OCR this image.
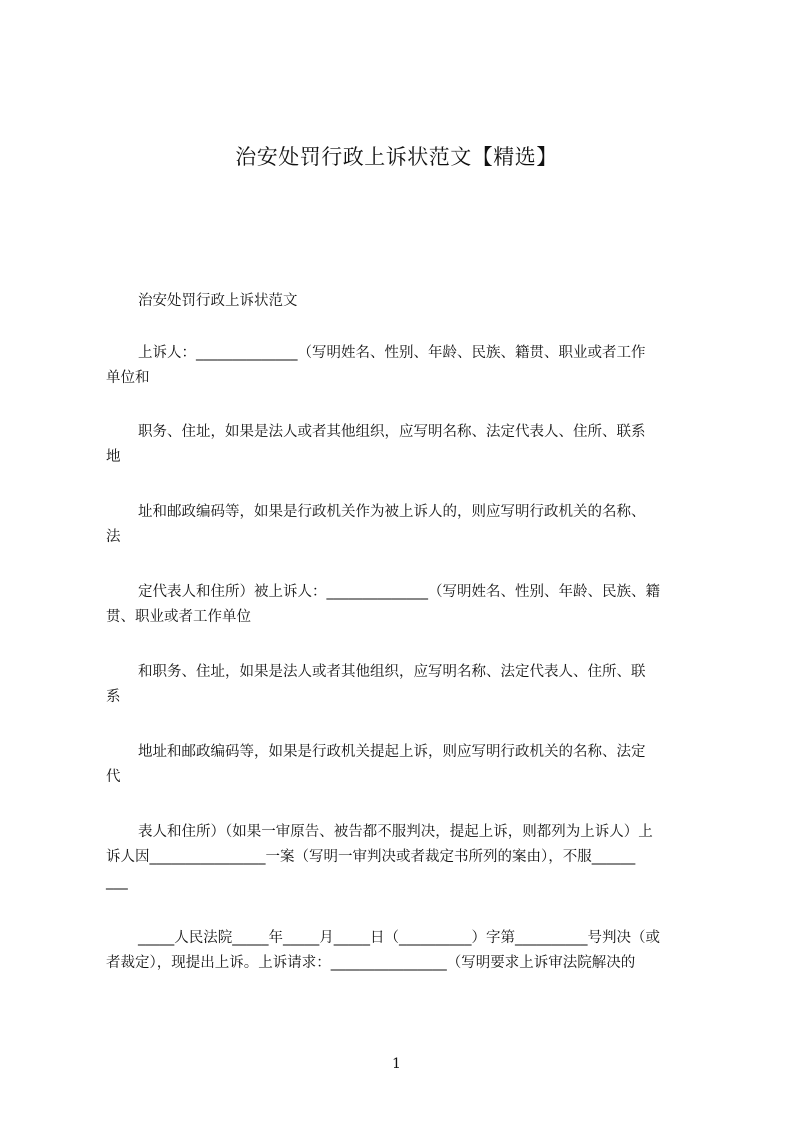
治安处罚行政上诉状范文【精选】
治安处罚行政上诉状范文
上诉人：______________（写明姓名、性别、年龄、民族、籍贯、职业或者工作
单位和
职务、住址，如果是法人或者其他组织，应写明名称、法定代表人、住所、联系
地
址和邮政编码等，如果是行政机关作为被上诉人的，则应写明行政机关的名称、
法
定代表人和住所）被上诉人：______________（写明姓名、性别、年龄、民族、籍
贯、职业或者工作单位
和职务、住址，如果是法人或者其他组织，应写明名称、法定代表人、住所、联
系
地址和邮政编码等，如果是行政机关提起上诉，则应写明行政机关的名称、法定
代
表人和住所）（如果一审原告、被告都不服判决，提起上诉，则都列为上诉人）上
诉人因________________一案（写明一审判决或者裁定书所列的案由），不服______
___
_____人民法院_____年_____月_____日（__________）字第__________号判决（或
者裁定），现提出上诉。上诉请求：________________（写明要求上诉审法院解决的
1
